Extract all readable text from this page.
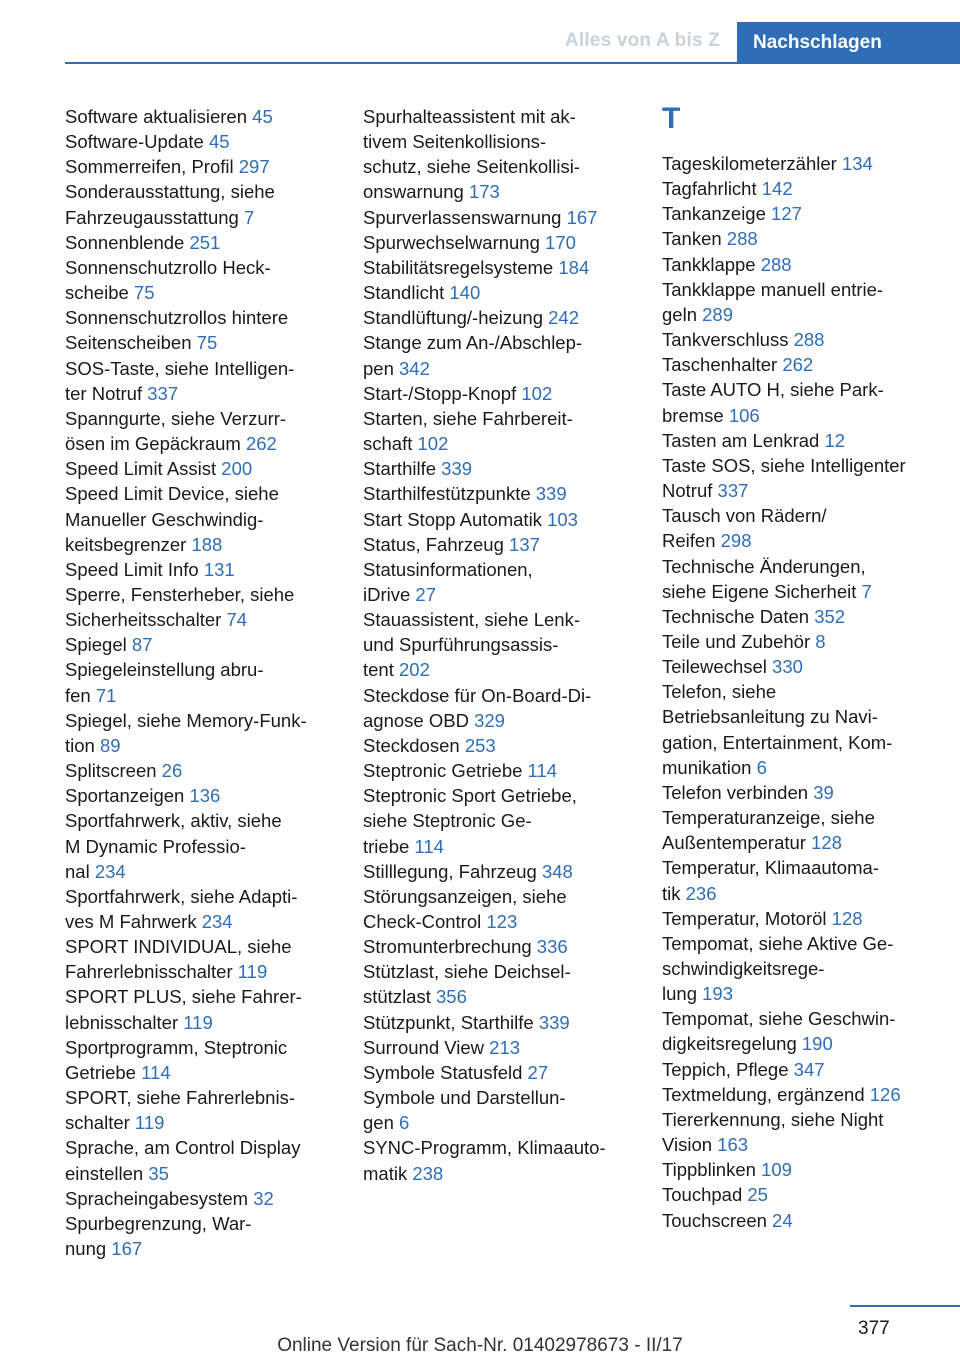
Alles von A bis Z	Nachschlagen
Software aktualisieren 45
Software-Update 45
Sommerreifen, Profil 297
Sonderausstattung, siehe
Fahrzeugausstattung 7
Sonnenblende 251
Sonnenschutzrollo Heck-
scheibe 75
Sonnenschutzrollos hintere
Seitenscheiben 75
SOS-Taste, siehe Intelligen-
ter Notruf 337
Spanngurte, siehe Verzurr-
ösen im Gepäckraum 262
Speed Limit Assist 200
Speed Limit Device, siehe
Manueller Geschwindig-
keitsbegrenzer 188
Speed Limit Info 131
Sperre, Fensterheber, siehe
Sicherheitsschalter 74
Spiegel 87
Spiegeleinstellung abru-
fen 71
Spiegel, siehe Memory-Funk-
tion 89
Splitscreen 26
Sportanzeigen 136
Sportfahrwerk, aktiv, siehe
M Dynamic Professio-
nal 234
Sportfahrwerk, siehe Adapti-
ves M Fahrwerk 234
SPORT INDIVIDUAL, siehe
Fahrerlebnisschalter 119
SPORT PLUS, siehe Fahrer-
lebnisschalter 119
Sportprogramm, Steptronic
Getriebe 114
SPORT, siehe Fahrerlebnis-
schalter 119
Sprache, am Control Display
einstellen 35
Spracheingabesystem 32
Spurbegrenzung, War-
nung 167
Spurhalteassistent mit ak-
tivem Seitenkollisions-
schutz, siehe Seitenkollisi-
onswarnung 173
Spurverlassenswarnung 167
Spurwechselwarnung 170
Stabilitätsregelsysteme 184
Standlicht 140
Standlüftung/-heizung 242
Stange zum An-/Abschlep-
pen 342
Start-/Stopp-Knopf 102
Starten, siehe Fahrbereit-
schaft 102
Starthilfe 339
Starthilfestützpunkte 339
Start Stopp Automatik 103
Status, Fahrzeug 137
Statusinformationen,
iDrive 27
Stauassistent, siehe Lenk-
und Spurführungsassis-
tent 202
Steckdose für On-Board-Di-
agnose OBD 329
Steckdosen 253
Steptronic Getriebe 114
Steptronic Sport Getriebe,
siehe Steptronic Ge-
triebe 114
Stilllegung, Fahrzeug 348
Störungsanzeigen, siehe
Check-Control 123
Stromunterbrechung 336
Stützlast, siehe Deichsel-
stützlast 356
Stützpunkt, Starthilfe 339
Surround View 213
Symbole Statusfeld 27
Symbole und Darstellun-
gen 6
SYNC-Programm, Klimaauto-
matik 238
T
Tageskilometerzähler 134
Tagfahrlicht 142
Tankanzeige 127
Tanken 288
Tankklappe 288
Tankklappe manuell entrie-
geln 289
Tankverschluss 288
Taschenhalter 262
Taste AUTO H, siehe Park-
bremse 106
Tasten am Lenkrad 12
Taste SOS, siehe Intelligenter
Notruf 337
Tausch von Rädern/
Reifen 298
Technische Änderungen,
siehe Eigene Sicherheit 7
Technische Daten 352
Teile und Zubehör 8
Teilewechsel 330
Telefon, siehe
Betriebsanleitung zu Navi-
gation, Entertainment, Kom-
munikation 6
Telefon verbinden 39
Temperaturanzeige, siehe
Außentemperatur 128
Temperatur, Klimaautoma-
tik 236
Temperatur, Motoröl 128
Tempomat, siehe Aktive Ge-
schwindigkeitsrege-
lung 193
Tempomat, siehe Geschwin-
digkeitsregelung 190
Teppich, Pflege 347
Textmeldung, ergänzend 126
Tiererkennung, siehe Night
Vision 163
Tippblinken 109
Touchpad 25
Touchscreen 24
377
Online Version für Sach-Nr. 01402978673 - II/17
